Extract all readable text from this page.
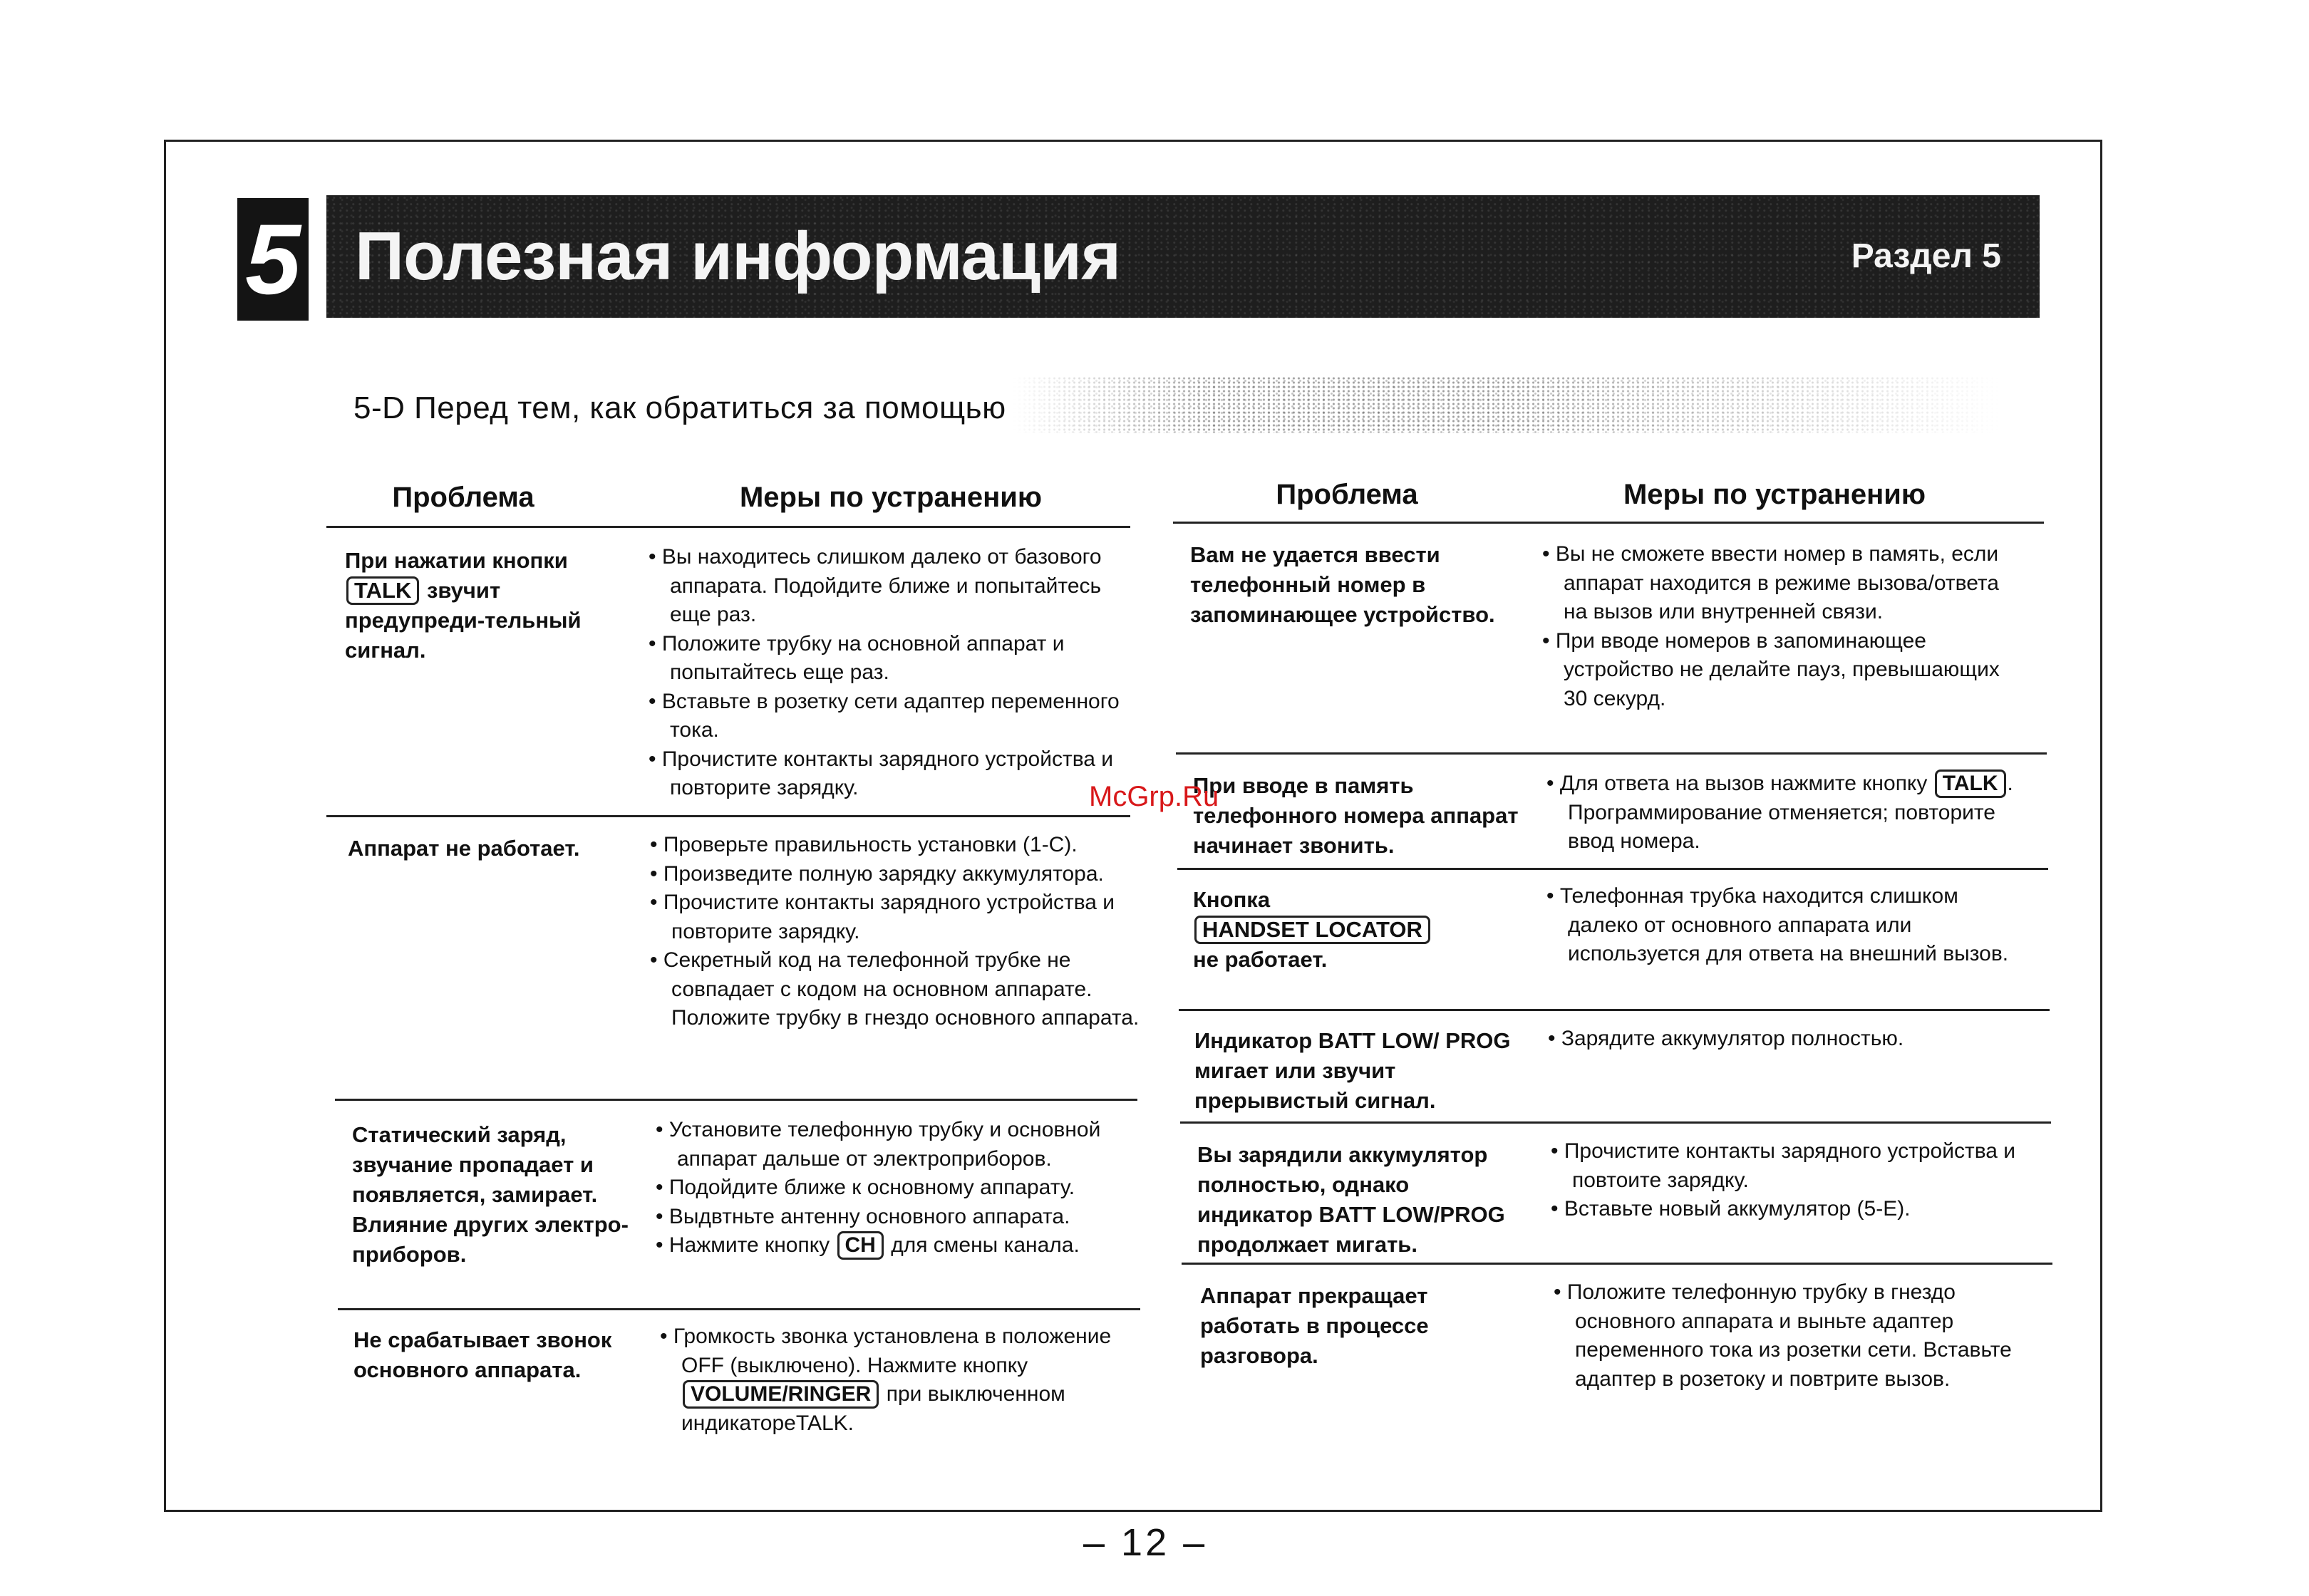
5 Полезная информация	Раздел 5
5-D Перед тем, как обратиться за помощью
Проблема	Меры по устранению
При нажатии кнопки
TALK звучит предупреди-тельный сигнал.
• Вы находитесь слишком далеко от базового аппарата. Подойдите ближе и попытайтесь еще раз.
• Положите трубку на основной аппарат и попытайтесь еще раз.
• Вставьте в розетку сети адаптер переменного тока.
• Прочистите контакты зарядного устройства и повторите зарядку.
Аппарат не работает.
•	Проверьте правильность установки (1-С).
• Произведите полную зарядку аккумулятора.
• Прочистите контакты зарядного устройства и повторите зарядку.
• Секретный код на телефонной трубке не совпадает с кодом на основном аппарате. Положите трубку в гнездо основного аппарата.
Статический заряд, звучание пропадает и появляется, замирает. Влияние других электро-приборов.
• Установите телефонную трубку и основной аппарат дальше от электроприборов.
• Подойдите ближе к основному аппарату.
• Выдвтньте антенну основного аппарата.
• Нажмите кнопку CH для смены канала.
Не срабатывает звонок основного аппарата.
• Громкость звонка установлена в положение OFF (выключено). Нажмите кнопку VOLUME/RINGER при выключенном индикатореTALK.
Проблема	Меры по устранению
Вам не удается ввести телефонный номер в запоминающее устройство.
• Вы не сможете ввести номер в память, если аппарат находится в режиме вызова/ответа на вызов или внутренней связи.
• При вводе номеров в запоминающее устройство не делайте пауз, превышающих 30 секурд.
При вводе в память телефонного номера аппарат начинает звонить.
• Для ответа на вызов нажмите кнопку TALK . Программирование отменяется; повторите ввод номера.
Кнопка
HANDSET LOCATOR
не работает.
• Телефонная трубка находится слишком далеко от основного аппарата или используется для ответа на внешний вызов.
Индикатор BATT LOW/ PROG мигает или звучит прерывистый сигнал.
• Зарядите аккумулятор полностью.
Вы зарядили аккумулятор полностью, однако индикатор BATT LOW/PROG продолжает мигать.
• Прочистите контакты зарядного устройства и повтоите зарядку.
• Вставьте новый аккумулятор (5-Е).
Аппарат прекращает работать в процессе разговора.
• Положите телефонную трубку в гнездо основного аппарата и выньте адаптер переменного тока из розетки сети. Вставьте адаптер в розетоку и повтрите вызов.
McGrp.Ru
– 12 –
